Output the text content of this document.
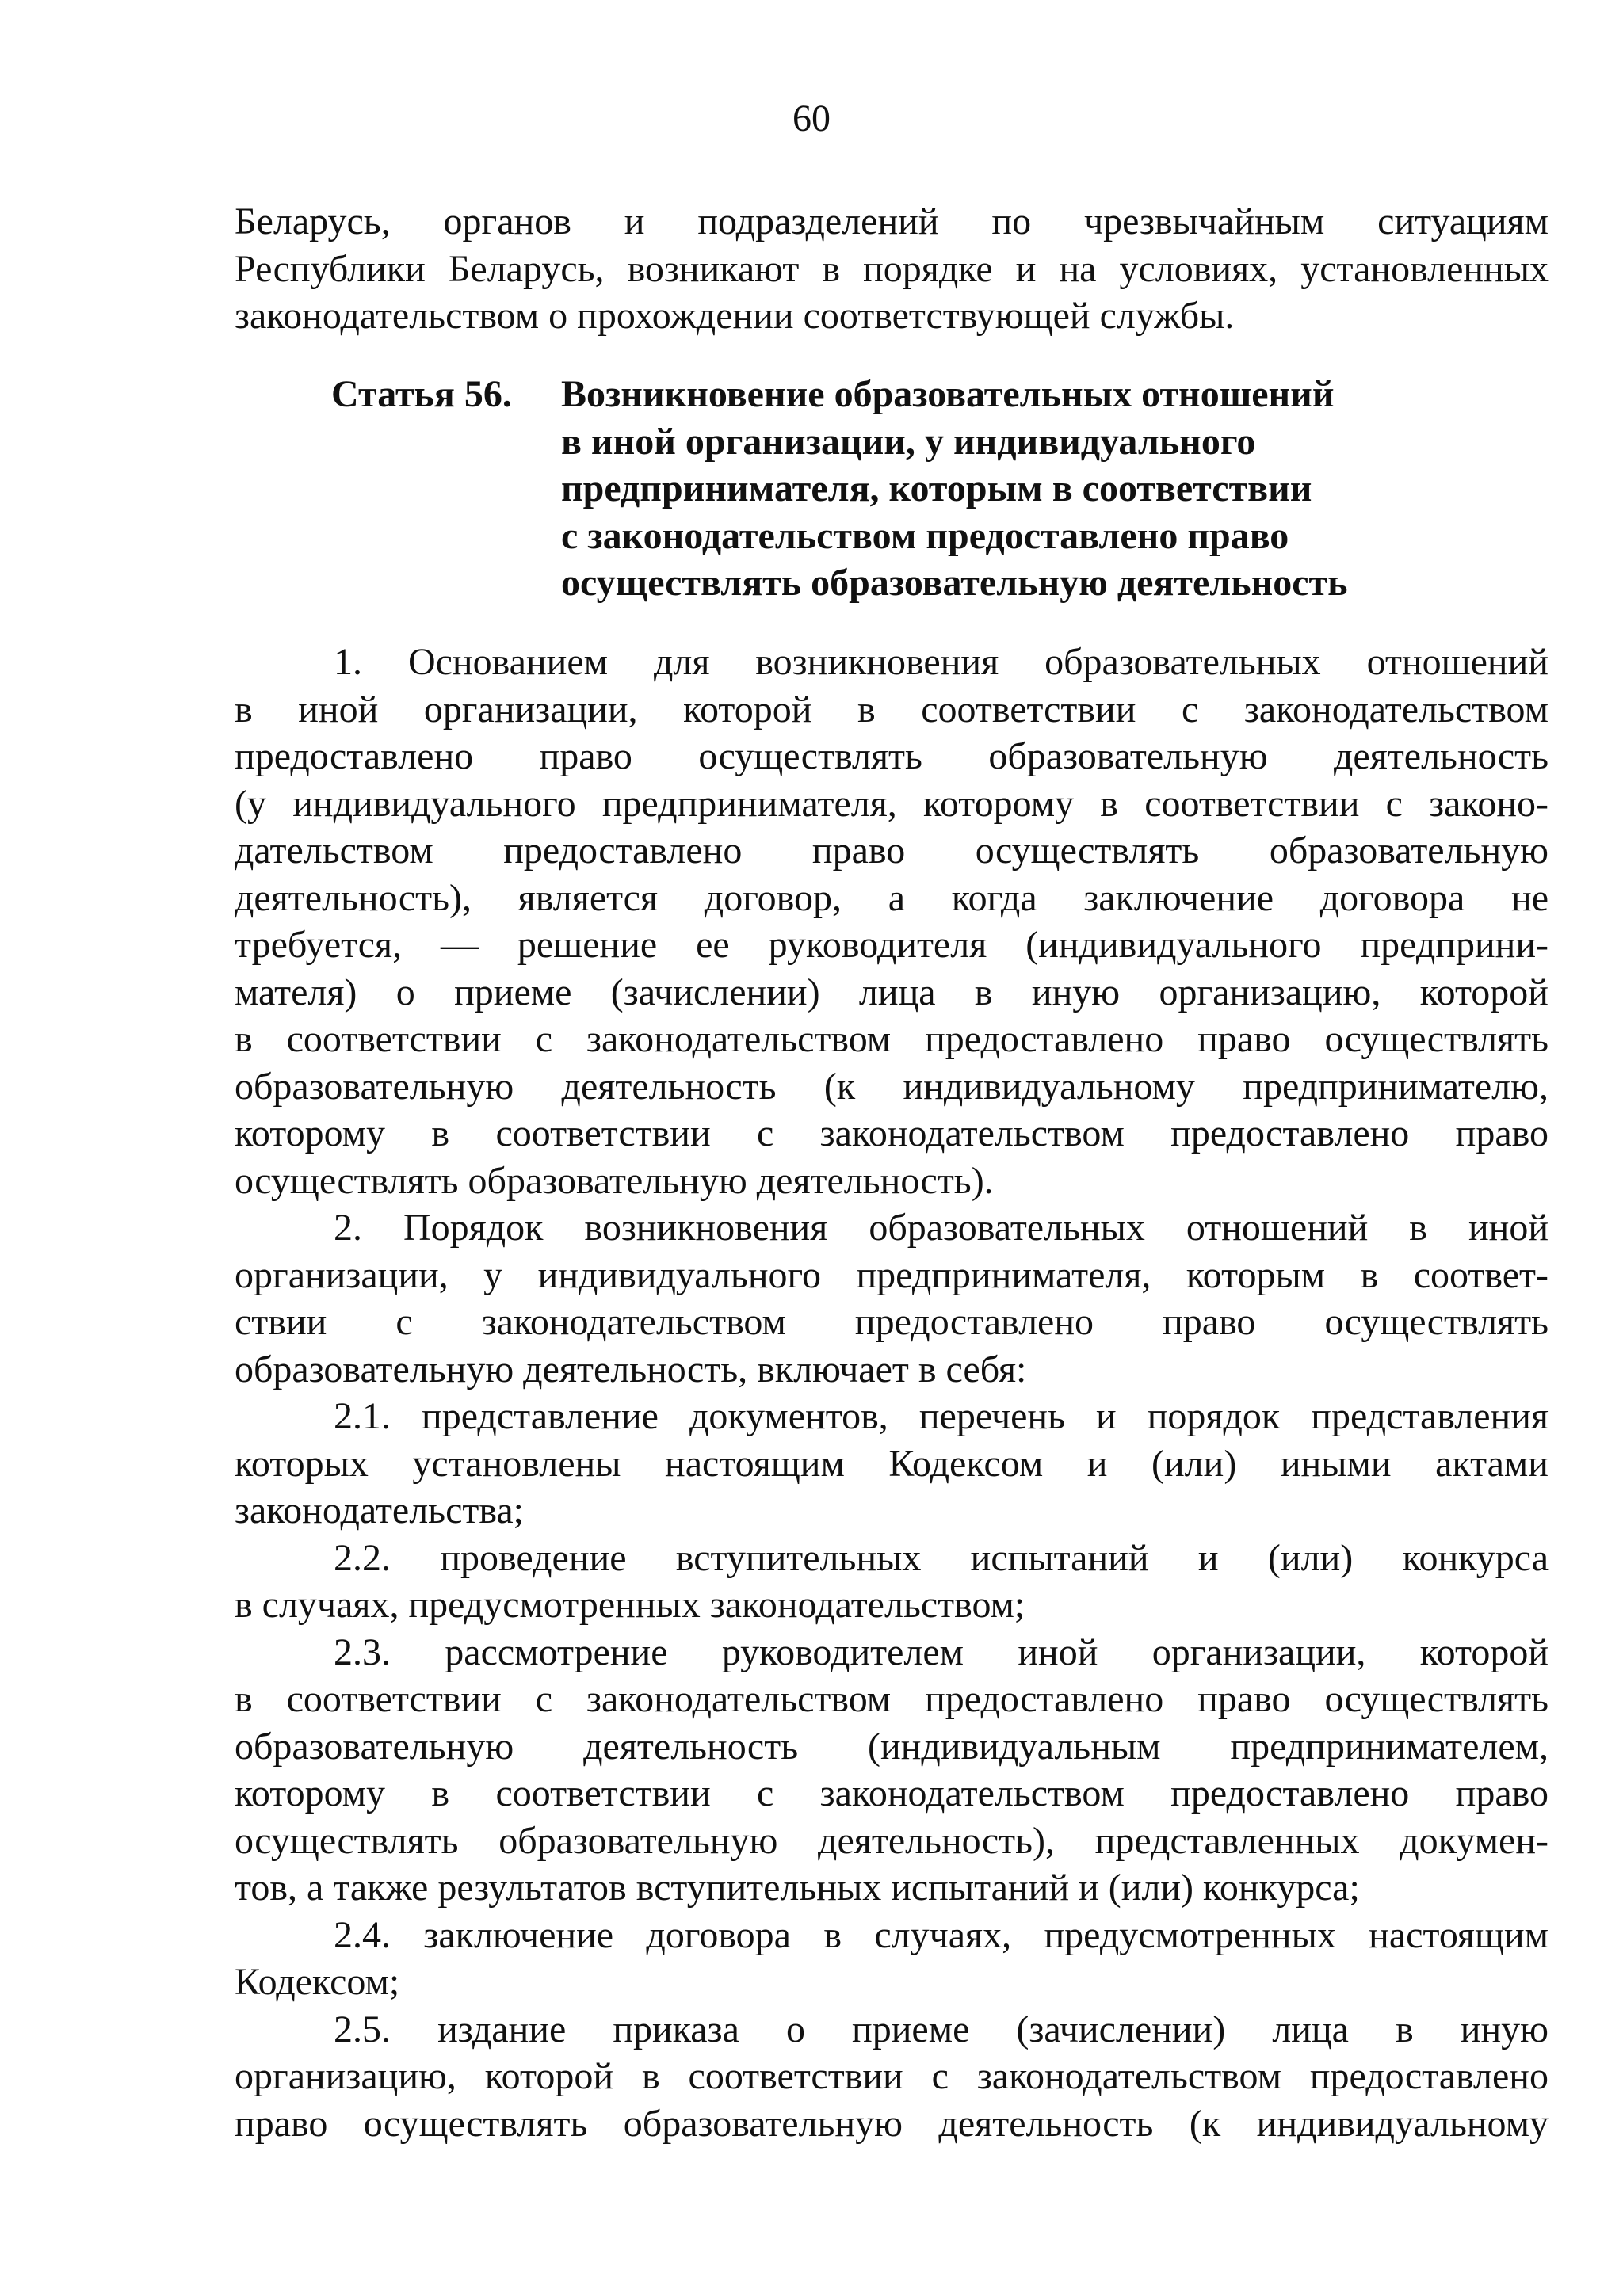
60
Беларусь, органов и подразделений по чрезвычайным ситуациям
Республики Беларусь, возникают в порядке и на условиях, установленных
законодательством о прохождении соответствующей службы.
Статья 56. Возникновение образовательных отношений
в иной организации, у индивидуального
предпринимателя, которым в соответствии
с законодательством предоставлено право
осуществлять образовательную деятельность
1. Основанием для возникновения образовательных отношений
в иной организации, которой в соответствии с законодательством
предоставлено право осуществлять образовательную деятельность
(у индивидуального предпринимателя, которому в соответствии с законо-
дательством предоставлено право осуществлять образовательную
деятельность), является договор, а когда заключение договора не
требуется, — решение ее руководителя (индивидуального предприни-
мателя) о приеме (зачислении) лица в иную организацию, которой
в соответствии с законодательством предоставлено право осуществлять
образовательную деятельность (к индивидуальному предпринимателю,
которому в соответствии с законодательством предоставлено право
осуществлять образовательную деятельность).
2. Порядок возникновения образовательных отношений в иной
организации, у индивидуального предпринимателя, которым в соответ-
ствии с законодательством предоставлено право осуществлять
образовательную деятельность, включает в себя:
2.1. представление документов, перечень и порядок представления
которых установлены настоящим Кодексом и (или) иными актами
законодательства;
2.2. проведение вступительных испытаний и (или) конкурса
в случаях, предусмотренных законодательством;
2.3. рассмотрение руководителем иной организации, которой
в соответствии с законодательством предоставлено право осуществлять
образовательную деятельность (индивидуальным предпринимателем,
которому в соответствии с законодательством предоставлено право
осуществлять образовательную деятельность), представленных докумен-
тов, а также результатов вступительных испытаний и (или) конкурса;
2.4. заключение договора в случаях, предусмотренных настоящим
Кодексом;
2.5. издание приказа о приеме (зачислении) лица в иную
организацию, которой в соответствии с законодательством предоставлено
право осуществлять образовательную деятельность (к индивидуальному
